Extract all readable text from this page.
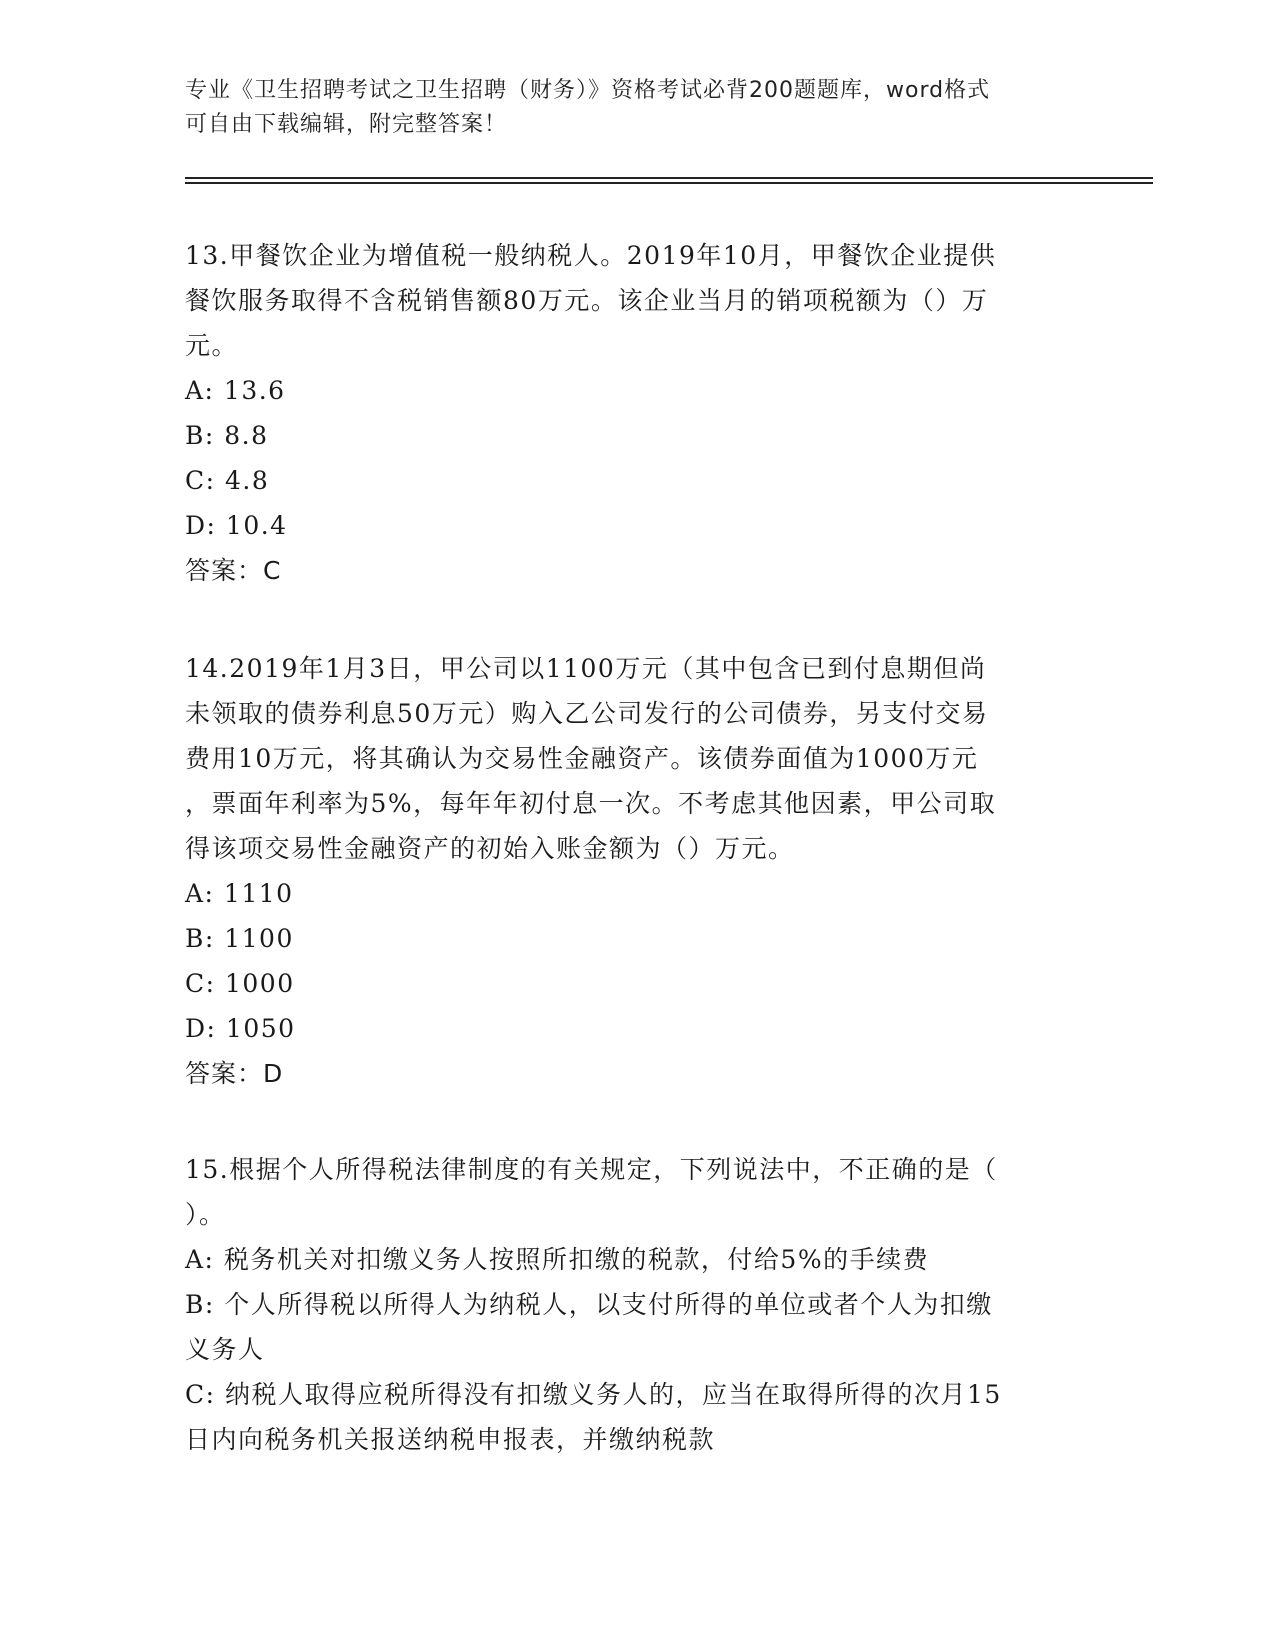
专业《卫生招聘考试之卫生招聘（财务）》资格考试必背200题题库，word格式
可自由下载编辑，附完整答案！
13.甲餐饮企业为增值税一般纳税人。2019年10月，甲餐饮企业提供
餐饮服务取得不含税销售额80万元。该企业当月的销项税额为（）万
元。
A: 13.6
B: 8.8
C: 4.8
D: 10.4
答案：C
14.2019年1月3日，甲公司以1100万元（其中包含已到付息期但尚
未领取的债券利息50万元）购入乙公司发行的公司债券，另支付交易
费用10万元，将其确认为交易性金融资产。该债券面值为1000万元
，票面年利率为5%，每年年初付息一次。不考虑其他因素，甲公司取
得该项交易性金融资产的初始入账金额为（）万元。
A: 1110
B: 1100
C: 1000
D: 1050
答案：D
15.根据个人所得税法律制度的有关规定，下列说法中，不正确的是（
）。
A: 税务机关对扣缴义务人按照所扣缴的税款，付给5%的手续费
B: 个人所得税以所得人为纳税人，以支付所得的单位或者个人为扣缴
义务人
C: 纳税人取得应税所得没有扣缴义务人的，应当在取得所得的次月15
日内向税务机关报送纳税申报表，并缴纳税款
